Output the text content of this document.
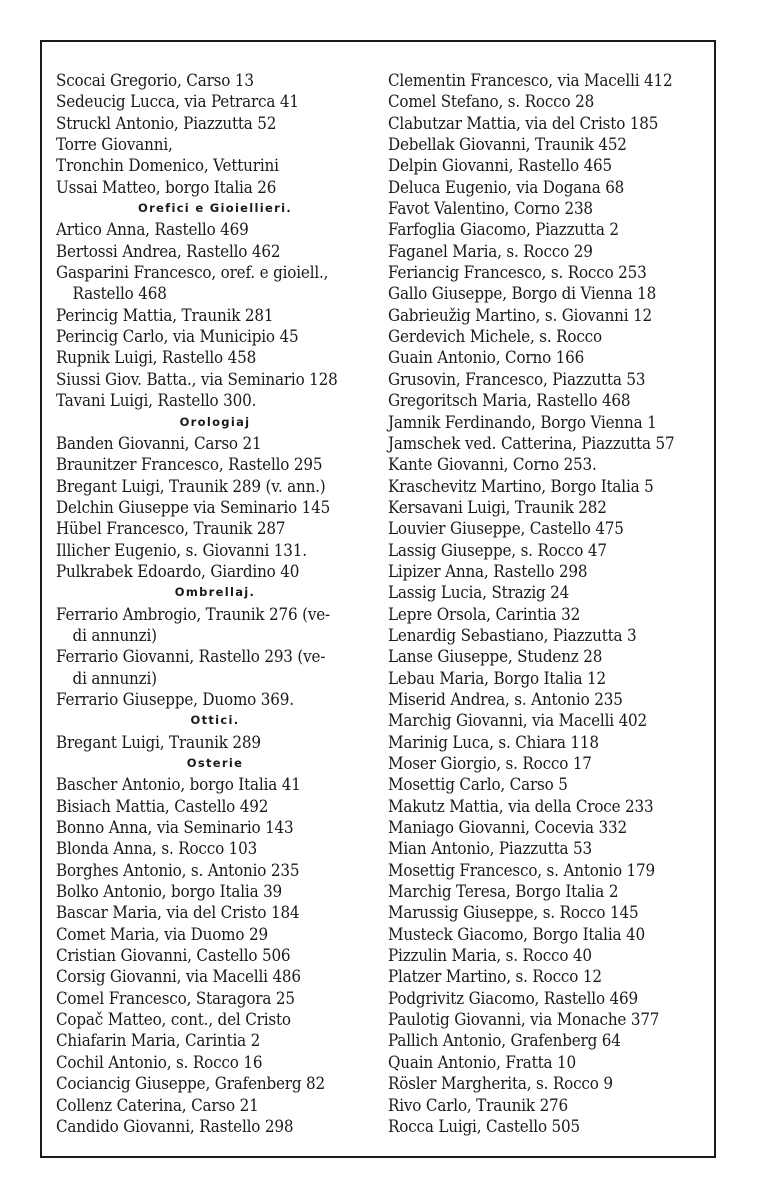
Scocai Gregorio, Carso 13
Sedeucig Lucca, via Petrarca 41
Struckl Antonio, Piazzutta 52
Torre Giovanni,
Tronchin Domenico, Vetturini
Ussai Matteo, borgo Italia 26
Orefici e Gioiellieri.
Artico Anna, Rastello 469
Bertossi Andrea, Rastello 462
Gasparini Francesco, oref. e gioiell.,
Rastello 468
Perincig Mattia, Traunik 281
Perincig Carlo, via Municipio 45
Rupnik Luigi, Rastello 458
Siussi Giov. Batta., via Seminario 128
Tavani Luigi, Rastello 300.
Orologiaj
Banden Giovanni, Carso 21
Braunitzer Francesco, Rastello 295
Bregant Luigi, Traunik 289 (v. ann.)
Delchin Giuseppe via Seminario 145
Hübel Francesco, Traunik 287
Illicher Eugenio, s. Giovanni 131.
Pulkrabek Edoardo, Giardino 40
Ombrellaj.
Ferrario Ambrogio, Traunik 276 (ve-
di annunzi)
Ferrario Giovanni, Rastello 293 (ve-
di annunzi)
Ferrario Giuseppe, Duomo 369.
Ottici.
Bregant Luigi, Traunik 289
Osterie
Bascher Antonio, borgo Italia 41
Bisiach Mattia, Castello 492
Bonno Anna, via Seminario 143
Blonda Anna, s. Rocco 103
Borghes Antonio, s. Antonio 235
Bolko Antonio, borgo Italia 39
Bascar Maria, via del Cristo 184
Comet Maria, via Duomo 29
Cristian Giovanni, Castello 506
Corsig Giovanni, via Macelli 486
Comel Francesco, Staragora 25
Copač Matteo, cont., del Cristo
Chiafarin Maria, Carintia 2
Cochil Antonio, s. Rocco 16
Cociancig Giuseppe, Grafenberg 82
Collenz Caterina, Carso 21
Candido Giovanni, Rastello 298
Clementin Francesco, via Macelli 412
Comel Stefano, s. Rocco 28
Clabutzar Mattia, via del Cristo 185
Debellak Giovanni, Traunik 452
Delpin Giovanni, Rastello 465
Deluca Eugenio, via Dogana 68
Favot Valentino, Corno 238
Farfoglia Giacomo, Piazzutta 2
Faganel Maria, s. Rocco 29
Feriancig Francesco, s. Rocco 253
Gallo Giuseppe, Borgo di Vienna 18
Gabrieužig Martino, s. Giovanni 12
Gerdevich Michele, s. Rocco
Guain Antonio, Corno 166
Grusovin, Francesco, Piazzutta 53
Gregoritsch Maria, Rastello 468
Jamnik Ferdinando, Borgo Vienna 1
Jamschek ved. Catterina, Piazzutta 57
Kante Giovanni, Corno 253.
Kraschevitz Martino, Borgo Italia 5
Kersavani Luigi, Traunik 282
Louvier Giuseppe, Castello 475
Lassig Giuseppe, s. Rocco 47
Lipizer Anna, Rastello 298
Lassig Lucia, Strazig 24
Lepre Orsola, Carintia 32
Lenardig Sebastiano, Piazzutta 3
Lanse Giuseppe, Studenz 28
Lebau Maria, Borgo Italia 12
Miserid Andrea, s. Antonio 235
Marchig Giovanni, via Macelli 402
Marinig Luca, s. Chiara 118
Moser Giorgio, s. Rocco 17
Mosettig Carlo, Carso 5
Makutz Mattia, via della Croce 233
Maniago Giovanni, Cocevia 332
Mian Antonio, Piazzutta 53
Mosettig Francesco, s. Antonio 179
Marchig Teresa, Borgo Italia 2
Marussig Giuseppe, s. Rocco 145
Musteck Giacomo, Borgo Italia 40
Pizzulin Maria, s. Rocco 40
Platzer Martino, s. Rocco 12
Podgrivitz Giacomo, Rastello 469
Paulotig Giovanni, via Monache 377
Pallich Antonio, Grafenberg 64
Quain Antonio, Fratta 10
Rösler Margherita, s. Rocco 9
Rivo Carlo, Traunik 276
Rocca Luigi, Castello 505
